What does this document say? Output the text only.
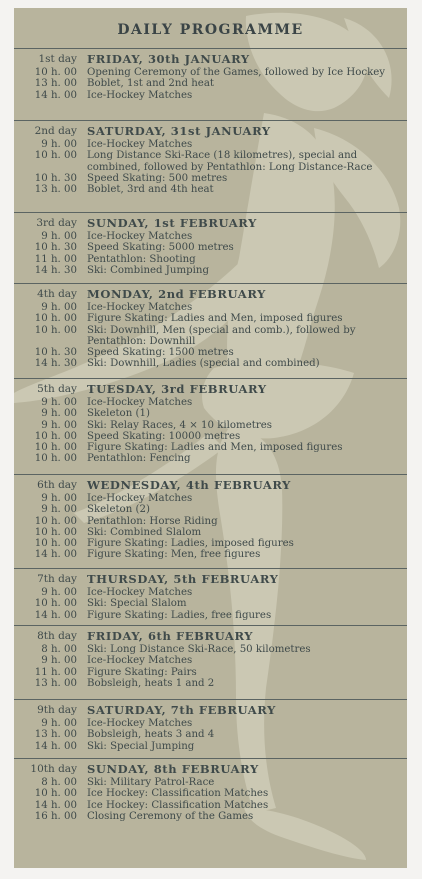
DAILY PROGRAMME
1st day FRIDAY, 30th JANUARY
10 h. 00 Opening Ceremony of the Games, followed by Ice Hockey
13 h. 00 Boblet, 1st and 2nd heat
14 h. 00 Ice-Hockey Matches
2nd day SATURDAY, 31st JANUARY
9 h. 00 Ice-Hockey Matches
10 h. 00 Long Distance Ski-Race (18 kilometres), special and combined, followed by Pentathlon: Long Distance-Race
10 h. 30 Speed Skating: 500 metres
13 h. 00 Boblet, 3rd and 4th heat
3rd day SUNDAY, 1st FEBRUARY
9 h. 00 Ice-Hockey Matches
10 h. 30 Speed Skating: 5000 metres
11 h. 00 Pentathlon: Shooting
14 h. 30 Ski: Combined Jumping
4th day MONDAY, 2nd FEBRUARY
9 h. 00 Ice-Hockey Matches
10 h. 00 Figure Skating: Ladies and Men, imposed figures
10 h. 00 Ski: Downhill, Men (special and comb.), followed by Pentathlon: Downhill
10 h. 30 Speed Skating: 1500 metres
14 h. 30 Ski: Downhill, Ladies (special and combined)
5th day TUESDAY, 3rd FEBRUARY
9 h. 00 Ice-Hockey Matches
9 h. 00 Skeleton (1)
9 h. 00 Ski: Relay Races, 4 × 10 kilometres
10 h. 00 Speed Skating: 10000 metres
10 h. 00 Figure Skating: Ladies and Men, imposed figures
10 h. 00 Pentathlon: Fencing
6th day WEDNESDAY, 4th FEBRUARY
9 h. 00 Ice-Hockey Matches
9 h. 00 Skeleton (2)
10 h. 00 Pentathlon: Horse Riding
10 h. 00 Ski: Combined Slalom
10 h. 00 Figure Skating: Ladies, imposed figures
14 h. 00 Figure Skating: Men, free figures
7th day THURSDAY, 5th FEBRUARY
9 h. 00 Ice-Hockey Matches
10 h. 00 Ski: Special Slalom
14 h. 00 Figure Skating: Ladies, free figures
8th day FRIDAY, 6th FEBRUARY
8 h. 00 Ski: Long Distance Ski-Race, 50 kilometres
9 h. 00 Ice-Hockey Matches
11 h. 00 Figure Skating: Pairs
13 h. 00 Bobsleigh, heats 1 and 2
9th day SATURDAY, 7th FEBRUARY
9 h. 00 Ice-Hockey Matches
13 h. 00 Bobsleigh, heats 3 and 4
14 h. 00 Ski: Special Jumping
10th day SUNDAY, 8th FEBRUARY
8 h. 00 Ski: Military Patrol-Race
10 h. 00 Ice Hockey: Classification Matches
14 h. 00 Ice Hockey: Classification Matches
16 h. 00 Closing Ceremony of the Games
